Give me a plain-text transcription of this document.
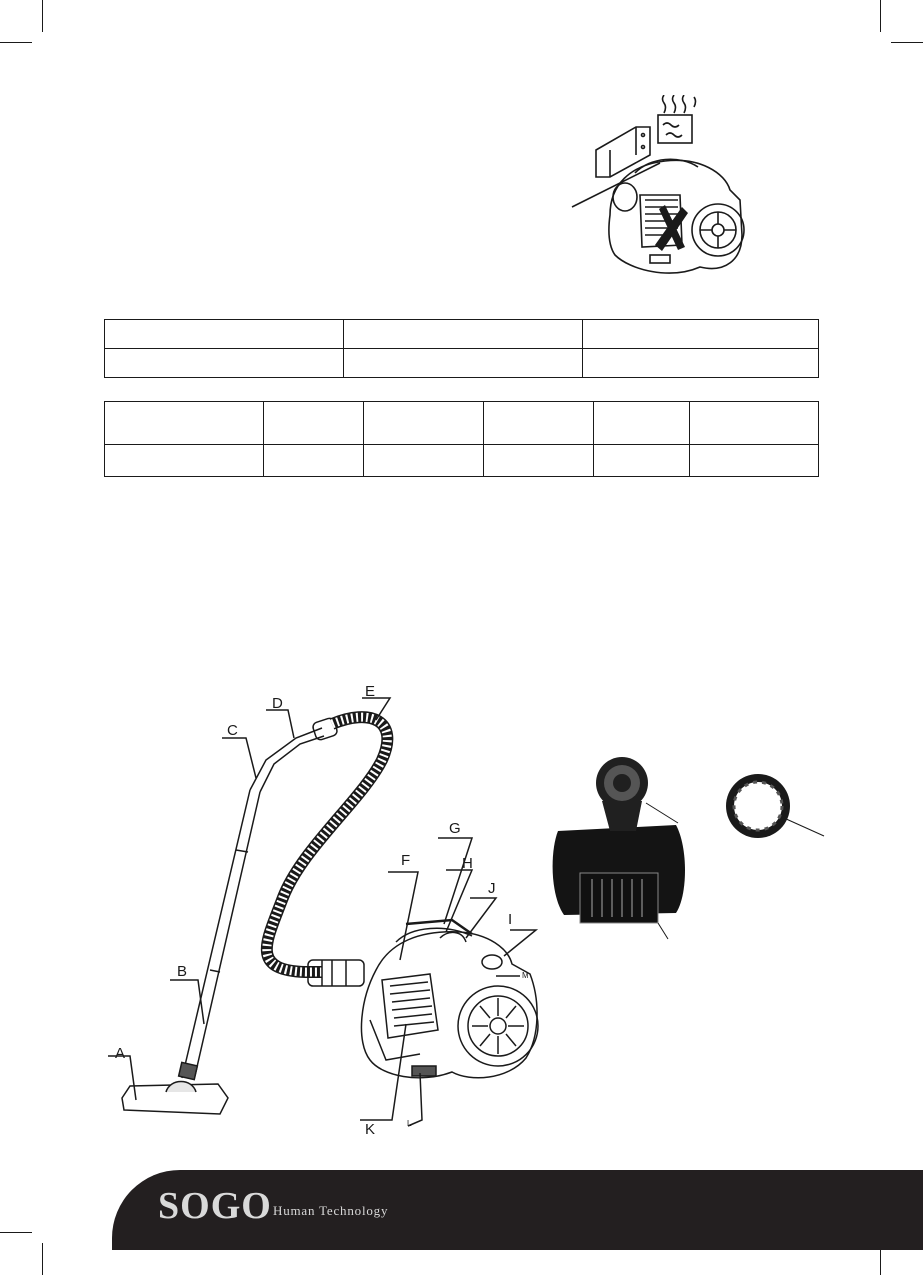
A
B
C
D
E
F
G
H
J
I
M
K	L
SOGO Human Technology
